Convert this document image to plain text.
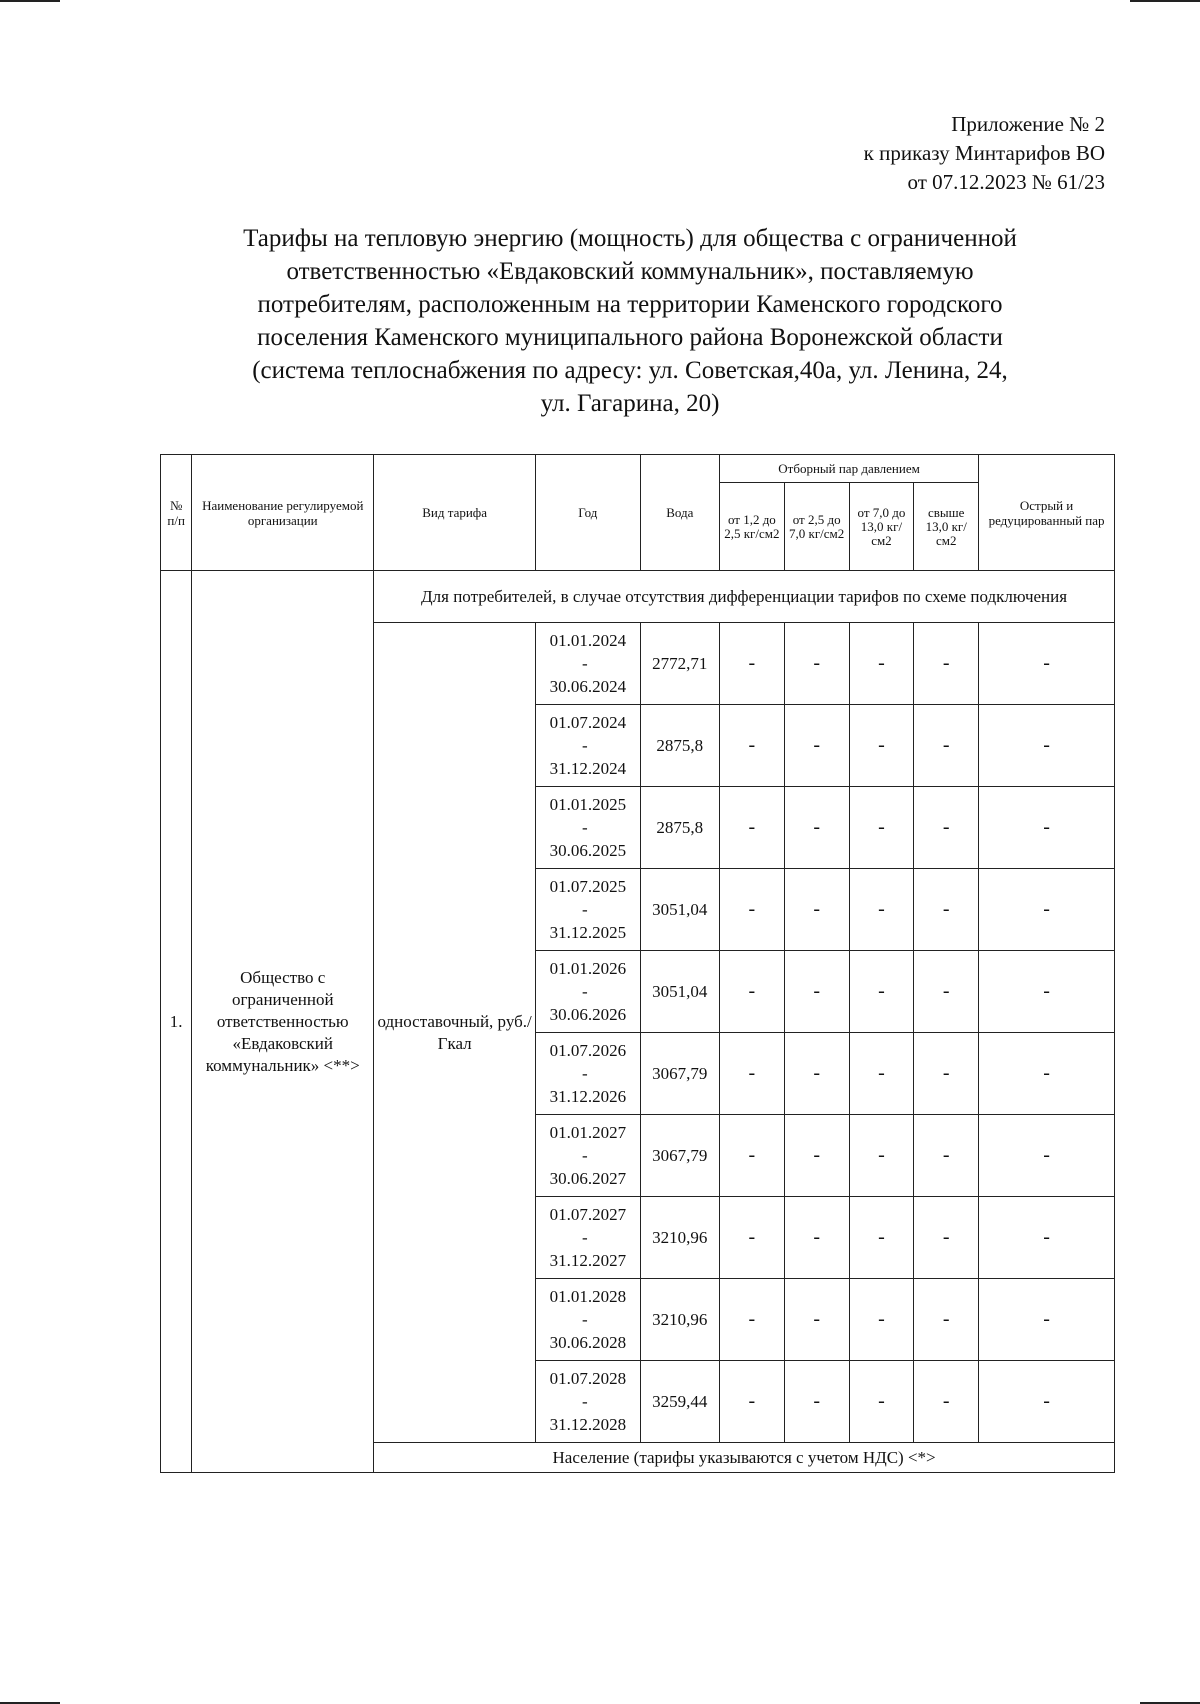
Приложение № 2
к приказу Минтарифов ВО
от 07.12.2023 № 61/23
Тарифы на тепловую энергию (мощность) для общества с ограниченной
ответственностью «Евдаковский коммунальник», поставляемую
потребителям, расположенным на территории Каменского городского
поселения Каменского муниципального района Воронежской области
(система теплоснабжения по адресу: ул. Советская,40а, ул. Ленина, 24,
ул. Гагарина, 20)
№ п/п	Наименование регулируемой организации	Вид тарифа	Год	Вода	Отборный пар давлением				Острый и редуцированный пар
					от 1,2 до 2,5 кг/см2	от 2,5 до 7,0 кг/см2	от 7,0 до 13,0 кг/см2	свыше 13,0 кг/см2	
1.	Общество с ограниченной ответственностью «Евдаковский коммунальник» <**>	Для потребителей, в случае отсутствия дифференциации тарифов по схеме подключения							
		одноставочный, руб./Гкал	01.01.2024
-
30.06.2024	2772,71	-	-	-	-	-

			01.07.2024
-
31.12.2024	2875,8	-	-	-	-	-

			01.01.2025
-
30.06.2025	2875,8	-	-	-	-	-

			01.07.2025
-
31.12.2025	3051,04	-	-	-	-	-

			01.01.2026
-
30.06.2026	3051,04	-	-	-	-	-

			01.07.2026
-
31.12.2026	3067,79	-	-	-	-	-

			01.01.2027
-
30.06.2027	3067,79	-	-	-	-	-

			01.07.2027
-
31.12.2027	3210,96	-	-	-	-	-

			01.01.2028
-
30.06.2028	3210,96	-	-	-	-	-

			01.07.2028
-
31.12.2028	3259,44	-	-	-	-	-
		Население (тарифы указываются с учетом НДС) <*>							
